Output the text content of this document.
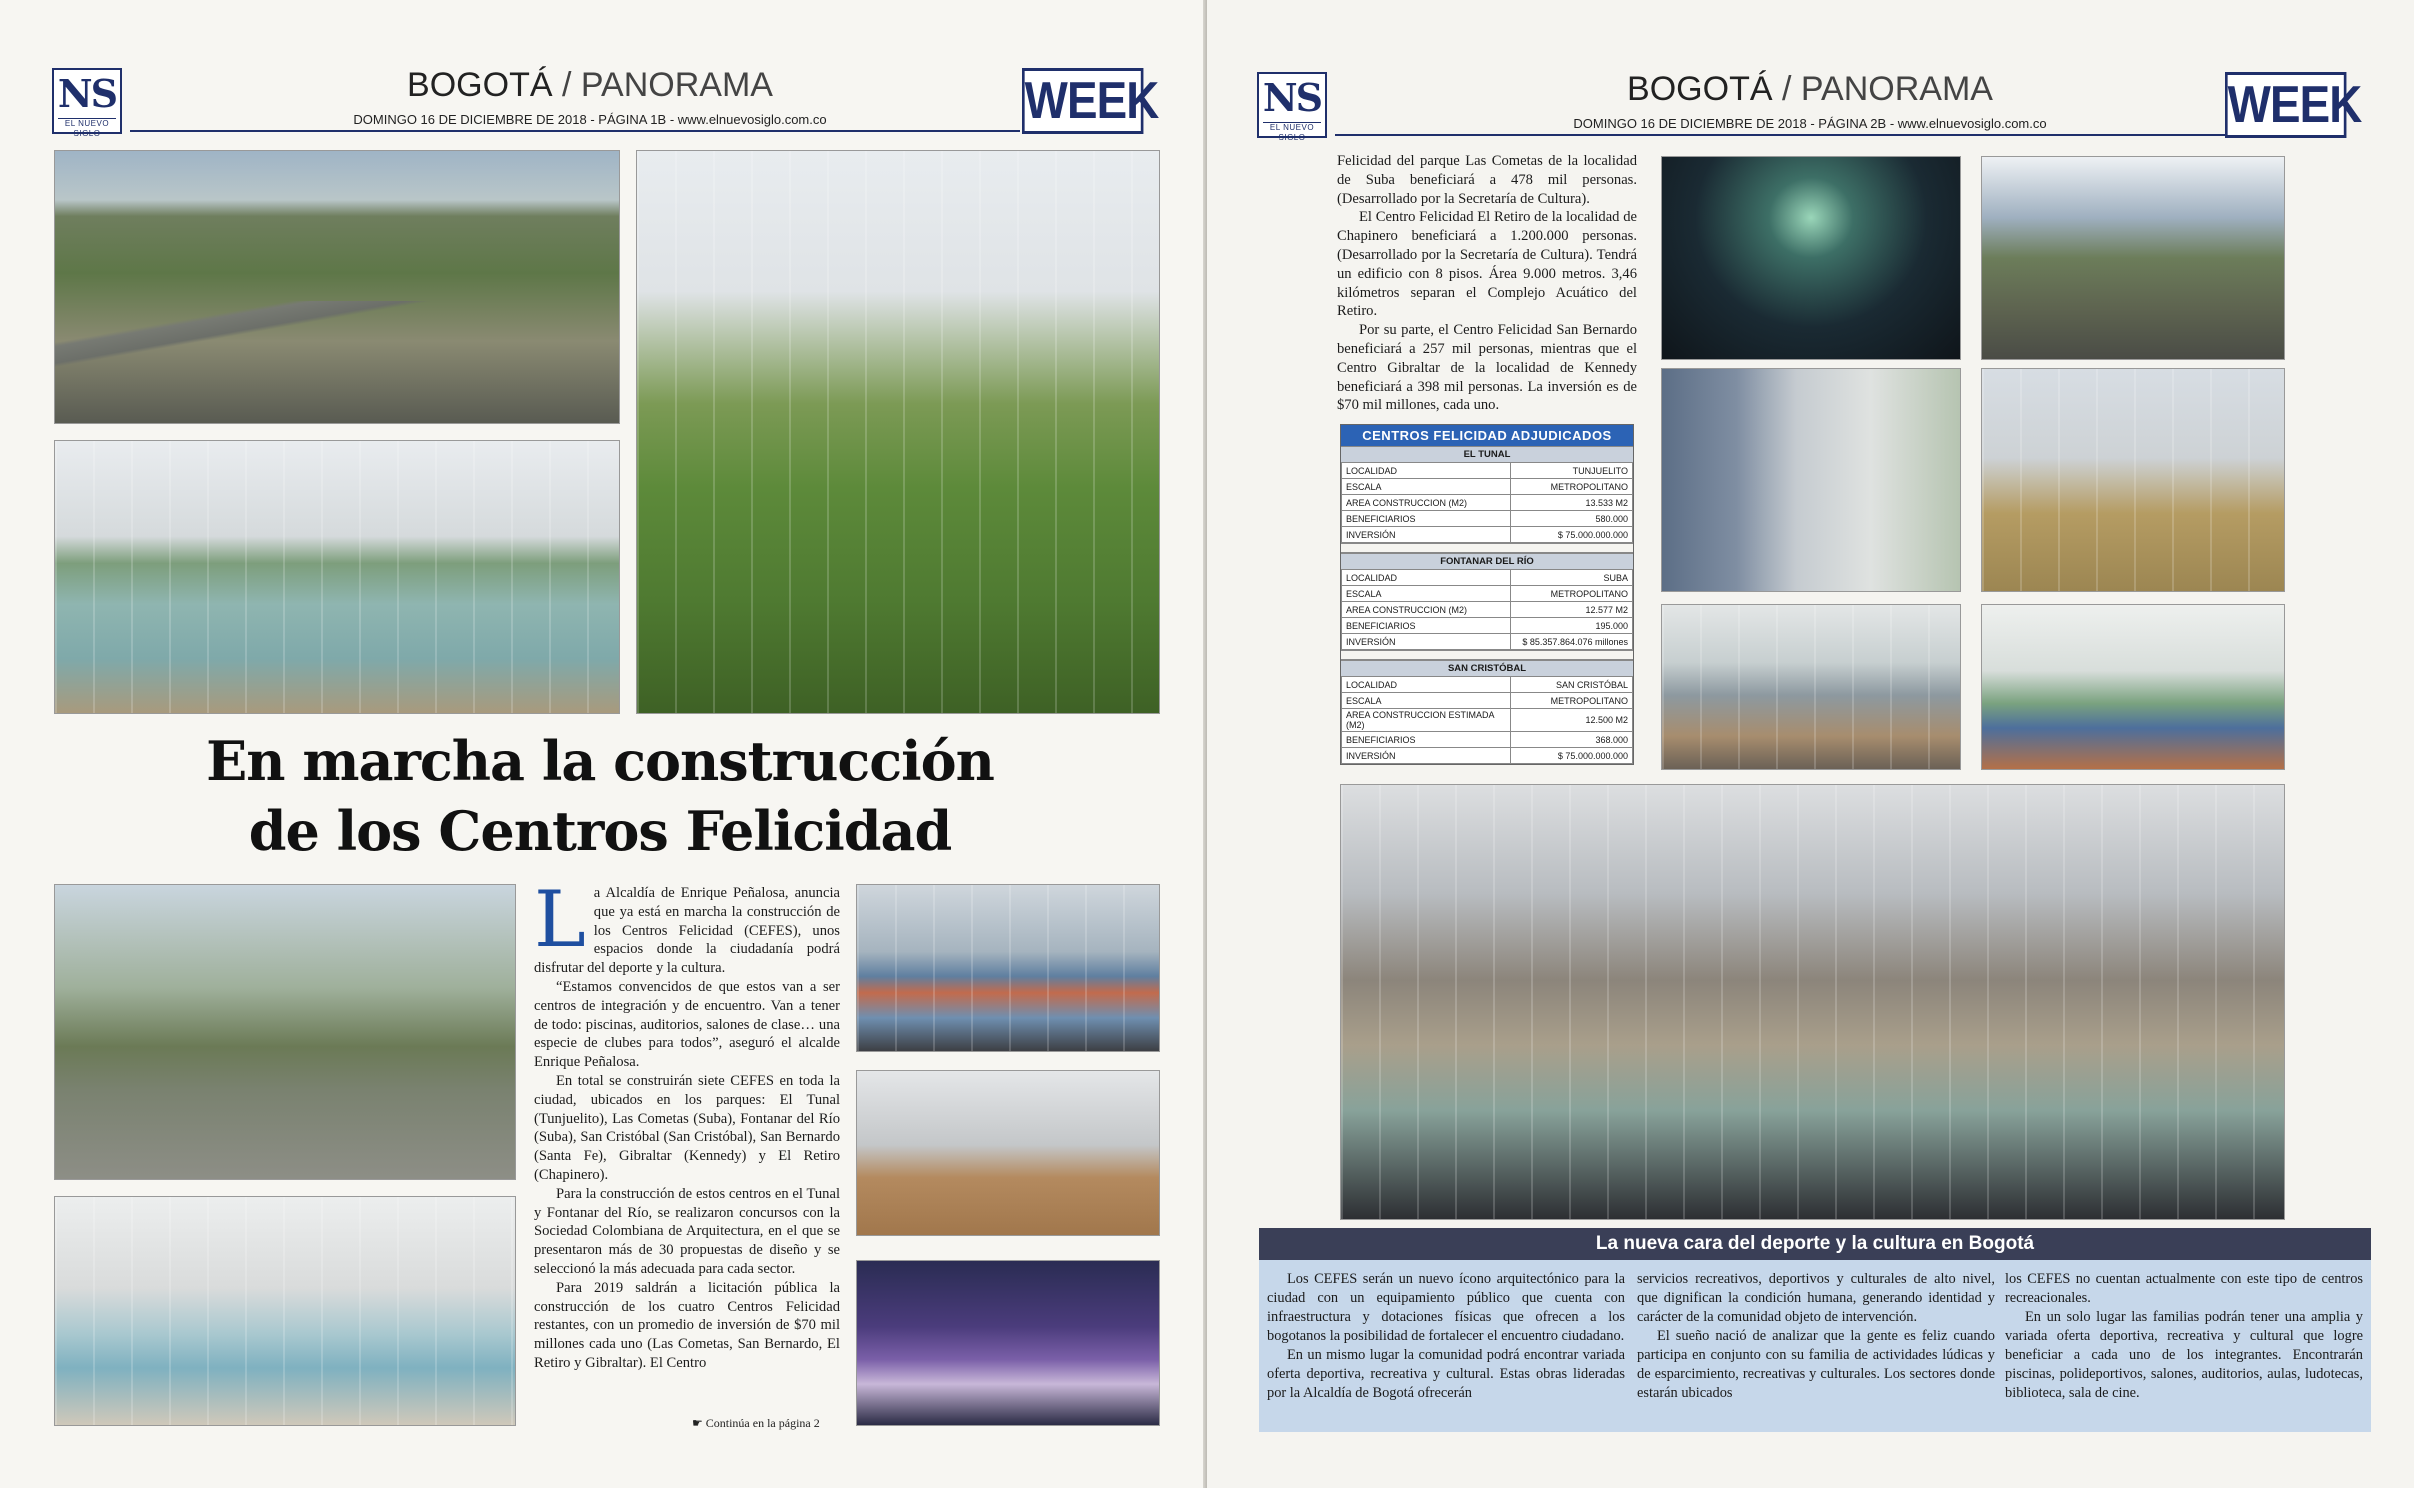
NS
EL NUEVO SIGLO
BOGOTÁ / PANORAMA
DOMINGO 16 DE DICIEMBRE DE 2018 - PÁGINA 1B - www.elnuevosiglo.com.co	WEEK
En marcha la construcción
de los Centros Felicidad

La Alcaldía de Enrique Peñalosa, anuncia que ya está en marcha la construcción de los Centros Felicidad (CEFES), unos espacios donde la ciudadanía podrá disfrutar del deporte y la cultura.

“Estamos convencidos de que estos van a ser centros de integración y de encuentro. Van a tener de todo: piscinas, auditorios, salones de clase… una especie de clubes para todos”, aseguró el alcalde Enrique Peñalosa.

En total se construirán siete CEFES en toda la ciudad, ubicados en los parques: El Tunal (Tunjuelito), Las Cometas (Suba), Fontanar del Río (Suba), San Cristóbal (San Cristóbal), San Bernardo (Santa Fe), Gibraltar (Kennedy) y El Retiro (Chapinero).

Para la construcción de estos centros en el Tunal y Fontanar del Río, se realizaron concursos con la Sociedad Colombiana de Arquitectura, en el que se presentaron más de 30 propuestas de diseño y se seleccionó la más adecuada para cada sector.

Para 2019 saldrán a licitación pública la construcción de los cuatro Centros Felicidad restantes, con un promedio de inversión de $70 mil millones cada uno (Las Cometas, San Bernardo, El Retiro y Gibraltar). El Centro

☛ Continúa en la página 2
NS
EL NUEVO SIGLO
BOGOTÁ / PANORAMA
DOMINGO 16 DE DICIEMBRE DE 2018 - PÁGINA 2B - www.elnuevosiglo.com.co	WEEK

Felicidad del parque Las Cometas de la localidad de Suba beneficiará a 478 mil personas. (Desarrollado por la Secretaría de Cultura).

El Centro Felicidad El Retiro de la localidad de Chapinero beneficiará a 1.200.000 personas. (Desarrollado por la Secretaría de Cultura). Tendrá un edificio con 8 pisos. Área 9.000 metros. 3,46 kilómetros separan el Complejo Acuático del Retiro.

Por su parte, el Centro Felicidad San Bernardo beneficiará a 257 mil personas, mientras que el Centro Gibraltar de la localidad de Kennedy beneficiará a 398 mil personas. La inversión es de $70 mil millones, cada uno.

CENTROS FELICIDAD ADJUDICADOS
EL TUNAL
LOCALIDAD	TUNJUELITO
ESCALA	METROPOLITANO
AREA CONSTRUCCION (M2)	13.533 M2
BENEFICIARIOS	580.000
INVERSIÓN	$ 75.000.000.000
FONTANAR DEL RÍO
LOCALIDAD	SUBA
ESCALA	METROPOLITANO
AREA CONSTRUCCION (M2)	12.577 M2
BENEFICIARIOS	195.000
INVERSIÓN	$ 85.357.864.076 millones
SAN CRISTÓBAL
LOCALIDAD	SAN CRISTÓBAL
ESCALA	METROPOLITANO
AREA CONSTRUCCION ESTIMADA (M2)	12.500 M2
BENEFICIARIOS	368.000
INVERSIÓN	$ 75.000.000.000
La nueva cara del deporte y la cultura en Bogotá

Los CEFES serán un nuevo ícono arquitectónico para la ciudad con un equipamiento público que cuenta con infraestructura y dotaciones físicas que ofrecen a los bogotanos la posibilidad de fortalecer el encuentro ciudadano.

En un mismo lugar la comunidad podrá encontrar variada oferta deportiva, recreativa y cultural. Estas obras lideradas por la Alcaldía de Bogotá ofrecerán

servicios recreativos, deportivos y culturales de alto nivel, que dignifican la condición humana, generando identidad y carácter de la comunidad objeto de intervención.

El sueño nació de analizar que la gente es feliz cuando participa en conjunto con su familia de actividades lúdicas y de esparcimiento, recreativas y culturales. Los sectores donde estarán ubicados

los CEFES no cuentan actualmente con este tipo de centros recreacionales.

En un solo lugar las familias podrán tener una amplia y variada oferta deportiva, recreativa y cultural que logre beneficiar a cada uno de los integrantes. Encontrarán piscinas, polideportivos, salones, auditorios, aulas, ludotecas, biblioteca, sala de cine.
